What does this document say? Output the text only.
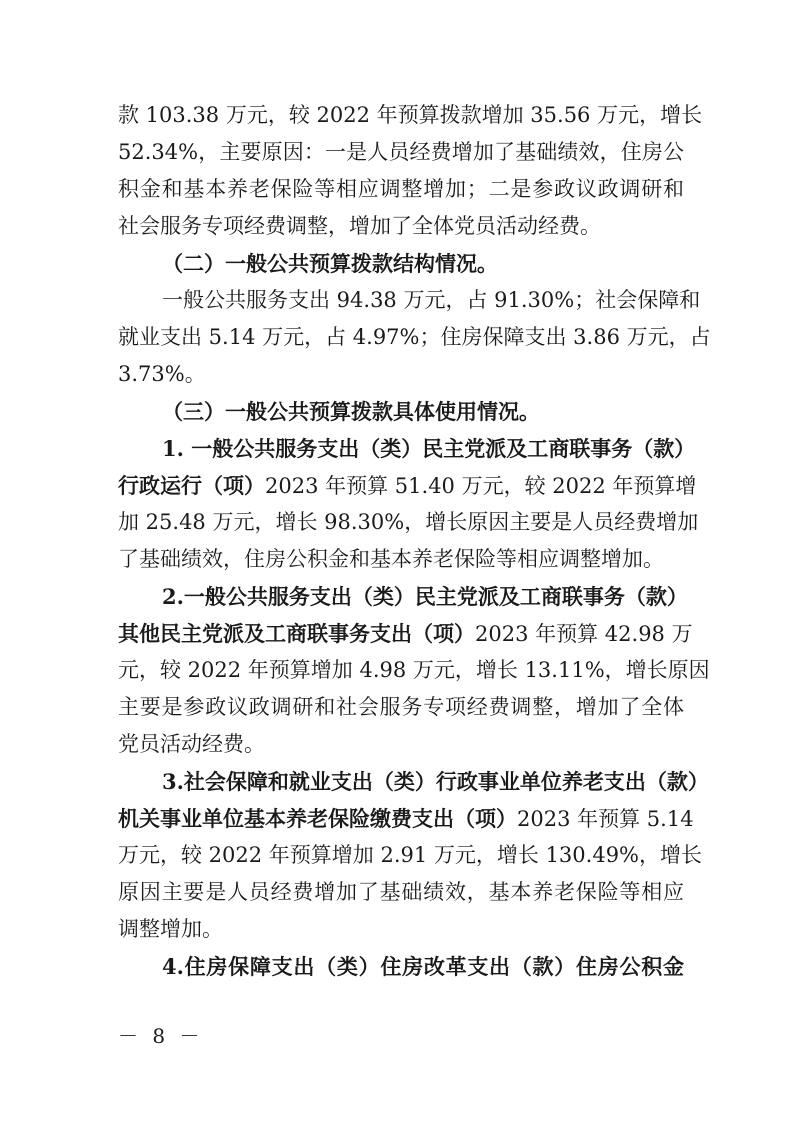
款 103.38 万元，较 2022 年预算拨款增加 35.56 万元，增长
52.34%，主要原因：一是人员经费增加了基础绩效，住房公
积金和基本养老保险等相应调整增加；二是参政议政调研和
社会服务专项经费调整，增加了全体党员活动经费。
（二）一般公共预算拨款结构情况。
一般公共服务支出 94.38 万元，占 91.30%；社会保障和
就业支出 5.14 万元，占 4.97%；住房保障支出 3.86 万元，占
3.73%。
（三）一般公共预算拨款具体使用情况。
1. 一般公共服务支出（类）民主党派及工商联事务（款）
行政运行（项）2023 年预算 51.40 万元，较 2022 年预算增
加 25.48 万元，增长 98.30%，增长原因主要是人员经费增加
了基础绩效，住房公积金和基本养老保险等相应调整增加。
2.一般公共服务支出（类）民主党派及工商联事务（款）
其他民主党派及工商联事务支出（项）2023 年预算 42.98 万
元，较 2022 年预算增加 4.98 万元，增长 13.11%，增长原因
主要是参政议政调研和社会服务专项经费调整，增加了全体
党员活动经费。
3.社会保障和就业支出（类）行政事业单位养老支出（款）
机关事业单位基本养老保险缴费支出（项）2023 年预算 5.14
万元，较 2022 年预算增加 2.91 万元，增长 130.49%，增长
原因主要是人员经费增加了基础绩效，基本养老保险等相应
调整增加。
4.住房保障支出（类）住房改革支出（款）住房公积金
－ 8 －
